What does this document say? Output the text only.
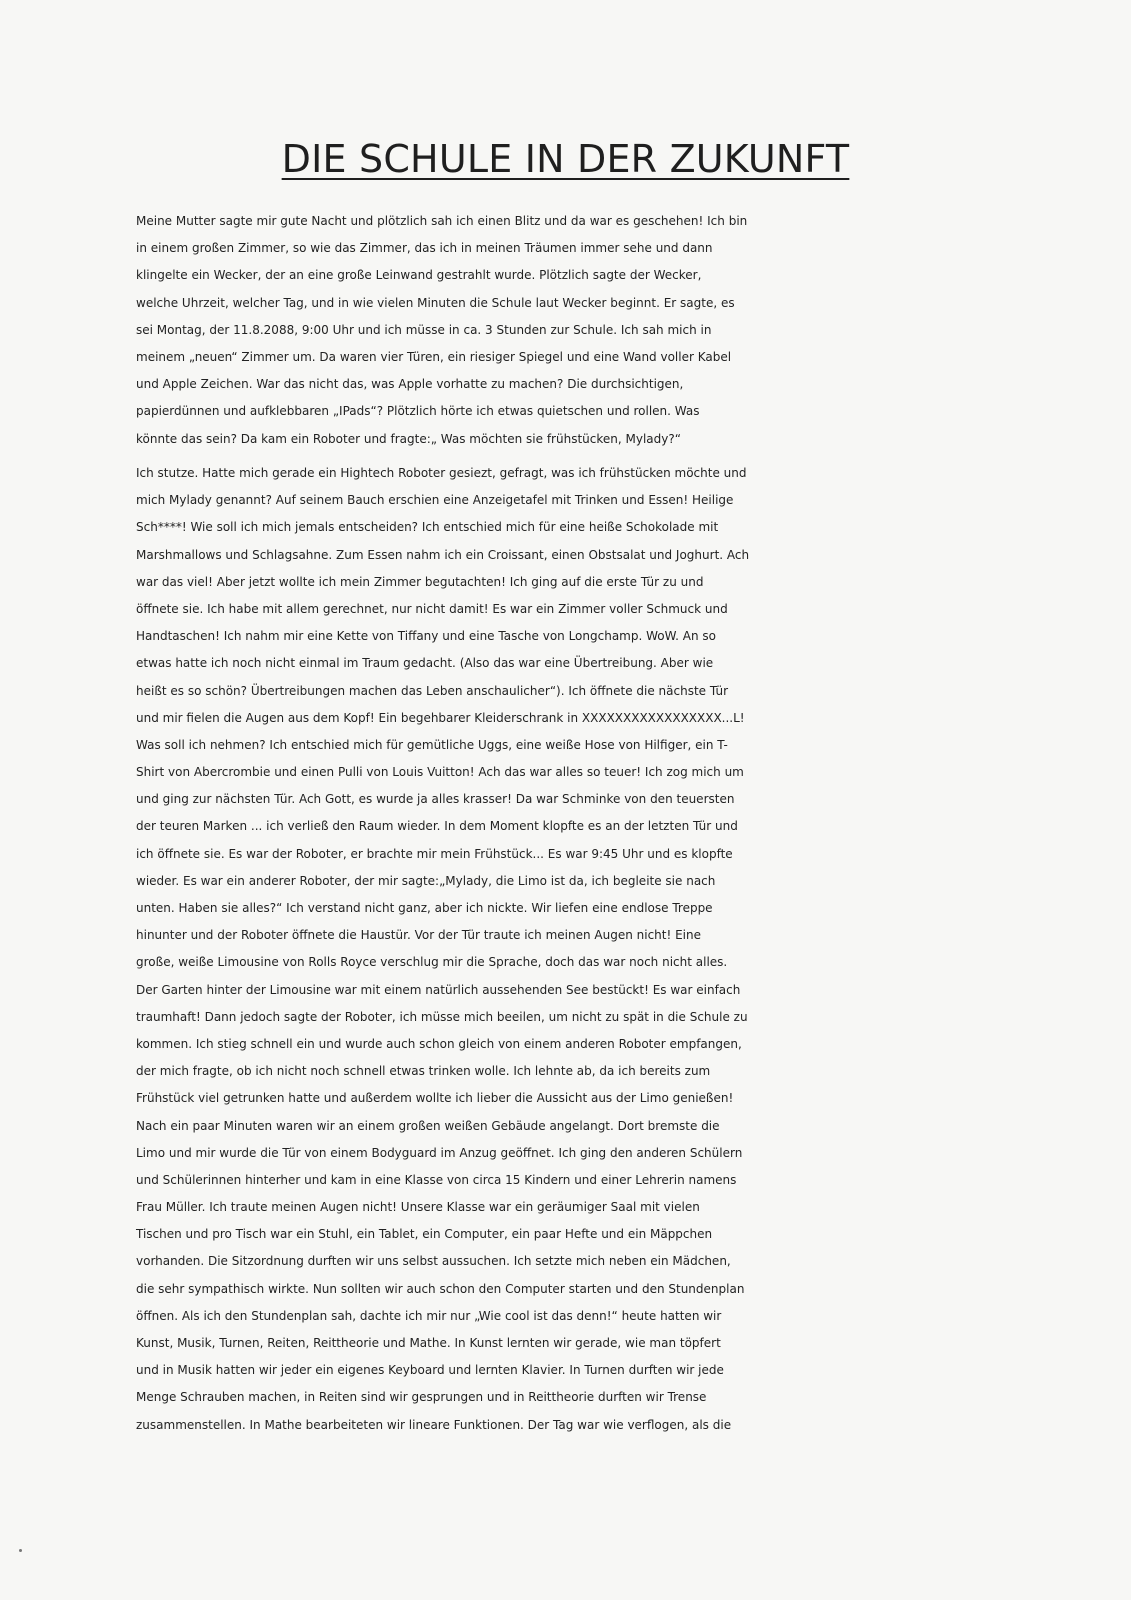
DIE SCHULE IN DER ZUKUNFT
Meine Mutter sagte mir gute Nacht und plötzlich sah ich einen Blitz und da war es geschehen! Ich bin
in einem großen Zimmer, so wie das Zimmer, das ich in meinen Träumen immer sehe und dann
klingelte ein Wecker, der an eine große Leinwand gestrahlt wurde. Plötzlich sagte der Wecker,
welche Uhrzeit, welcher Tag, und in wie vielen Minuten die Schule laut Wecker beginnt. Er sagte, es
sei Montag, der 11.8.2088, 9:00 Uhr und ich müsse in ca. 3 Stunden zur Schule. Ich sah mich in
meinem „neuen“ Zimmer um. Da waren vier Türen, ein riesiger Spiegel und eine Wand voller Kabel
und Apple Zeichen. War das nicht das, was Apple vorhatte zu machen? Die durchsichtigen,
papierdünnen und aufklebbaren „IPads“? Plötzlich hörte ich etwas quietschen und rollen. Was
könnte das sein? Da kam ein Roboter und fragte:„ Was möchten sie frühstücken, Mylady?“
Ich stutze. Hatte mich gerade ein Hightech Roboter gesiezt, gefragt, was ich frühstücken möchte und
mich Mylady genannt? Auf seinem Bauch erschien eine Anzeigetafel mit Trinken und Essen! Heilige
Sch****! Wie soll ich mich jemals entscheiden? Ich entschied mich für eine heiße Schokolade mit
Marshmallows und Schlagsahne. Zum Essen nahm ich ein Croissant, einen Obstsalat und Joghurt. Ach
war das viel! Aber jetzt wollte ich mein Zimmer begutachten! Ich ging auf die erste Tür zu und
öffnete sie. Ich habe mit allem gerechnet, nur nicht damit! Es war ein Zimmer voller Schmuck und
Handtaschen! Ich nahm mir eine Kette von Tiffany und eine Tasche von Longchamp. WoW. An so
etwas hatte ich noch nicht einmal im Traum gedacht. (Also das war eine Übertreibung. Aber wie
heißt es so schön? Übertreibungen machen das Leben anschaulicher“). Ich öffnete die nächste Tür
und mir fielen die Augen aus dem Kopf! Ein begehbarer Kleiderschrank in XXXXXXXXXXXXXXXXX...L!
Was soll ich nehmen? Ich entschied mich für gemütliche Uggs, eine weiße Hose von Hilfiger, ein T-
Shirt von Abercrombie und einen Pulli von Louis Vuitton! Ach das war alles so teuer! Ich zog mich um
und ging zur nächsten Tür. Ach Gott, es wurde ja alles krasser! Da war Schminke von den teuersten
der teuren Marken ... ich verließ den Raum wieder. In dem Moment klopfte es an der letzten Tür und
ich öffnete sie. Es war der Roboter, er brachte mir mein Frühstück... Es war 9:45 Uhr und es klopfte
wieder. Es war ein anderer Roboter, der mir sagte:„Mylady, die Limo ist da, ich begleite sie nach
unten. Haben sie alles?“ Ich verstand nicht ganz, aber ich nickte. Wir liefen eine endlose Treppe
hinunter und der Roboter öffnete die Haustür. Vor der Tür traute ich meinen Augen nicht! Eine
große, weiße Limousine von Rolls Royce verschlug mir die Sprache, doch das war noch nicht alles.
Der Garten hinter der Limousine war mit einem natürlich aussehenden See bestückt! Es war einfach
traumhaft! Dann jedoch sagte der Roboter, ich müsse mich beeilen, um nicht zu spät in die Schule zu
kommen. Ich stieg schnell ein und wurde auch schon gleich von einem anderen Roboter empfangen,
der mich fragte, ob ich nicht noch schnell etwas trinken wolle. Ich lehnte ab, da ich bereits zum
Frühstück viel getrunken hatte und außerdem wollte ich lieber die Aussicht aus der Limo genießen!
Nach ein paar Minuten waren wir an einem großen weißen Gebäude angelangt. Dort bremste die
Limo und mir wurde die Tür von einem Bodyguard im Anzug geöffnet. Ich ging den anderen Schülern
und Schülerinnen hinterher und kam in eine Klasse von circa 15 Kindern und einer Lehrerin namens
Frau Müller. Ich traute meinen Augen nicht! Unsere Klasse war ein geräumiger Saal mit vielen
Tischen und pro Tisch war ein Stuhl, ein Tablet, ein Computer, ein paar Hefte und ein Mäppchen
vorhanden. Die Sitzordnung durften wir uns selbst aussuchen. Ich setzte mich neben ein Mädchen,
die sehr sympathisch wirkte. Nun sollten wir auch schon den Computer starten und den Stundenplan
öffnen. Als ich den Stundenplan sah, dachte ich mir nur „Wie cool ist das denn!“ heute hatten wir
Kunst, Musik, Turnen, Reiten, Reittheorie und Mathe. In Kunst lernten wir gerade, wie man töpfert
und in Musik hatten wir jeder ein eigenes Keyboard und lernten Klavier. In Turnen durften wir jede
Menge Schrauben machen, in Reiten sind wir gesprungen und in Reittheorie durften wir Trense
zusammenstellen. In Mathe bearbeiteten wir lineare Funktionen. Der Tag war wie verflogen, als die
